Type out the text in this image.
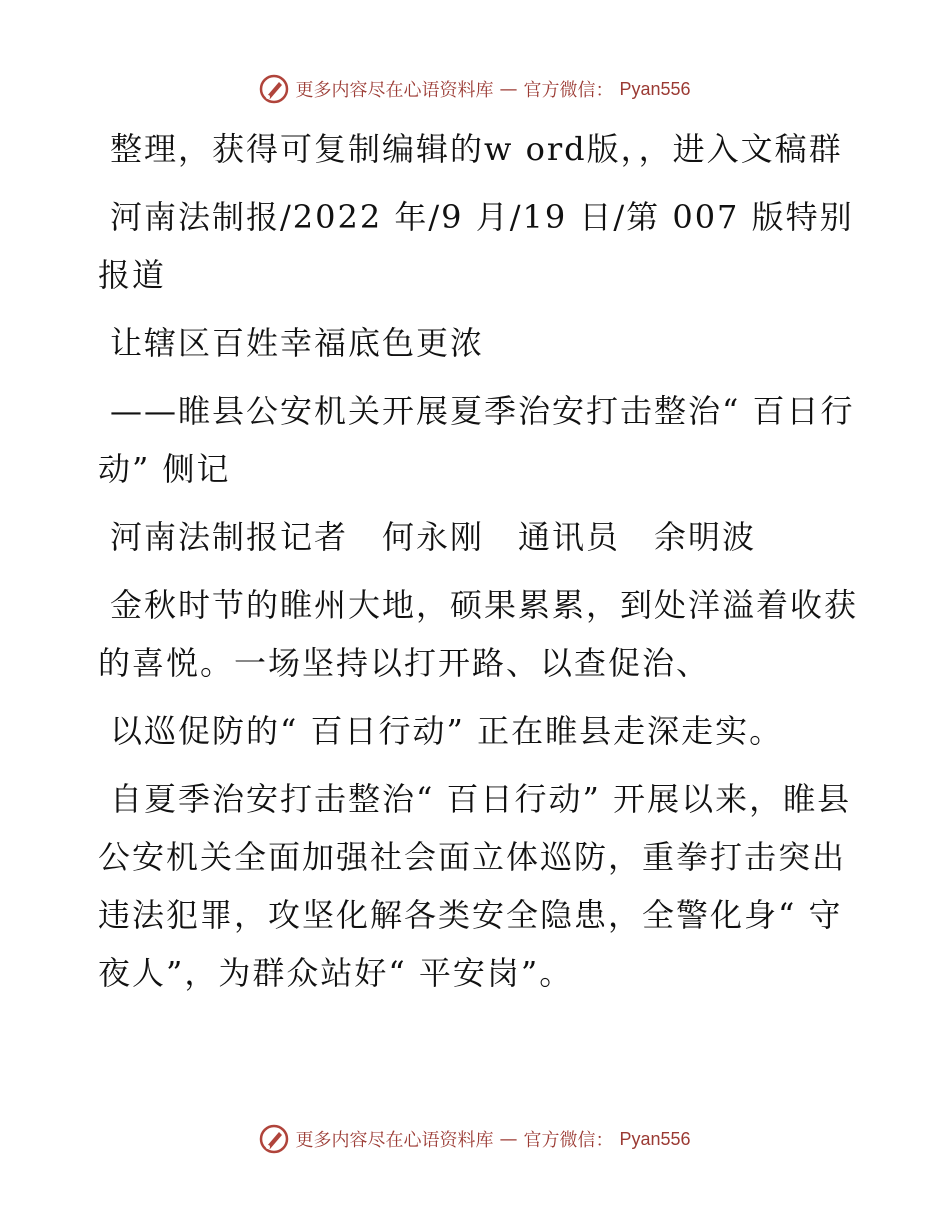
更多内容尽在心语资料库 — 官方微信： Pyan556

整理，获得可复制编辑的w ord版，，进入文稿群

河南法制报/2022 年/9 月/19 日/第 007 版特别报道

让辖区百姓幸福底色更浓

——睢县公安机关开展夏季治安打击整治“ 百日行动” 侧记

河南法制报记者　何永刚　通讯员　余明波

金秋时节的睢州大地，硕果累累，到处洋溢着收获的喜悦。一场坚持以打开路、以查促治、

以巡促防的“ 百日行动” 正在睢县走深走实。

自夏季治安打击整治“ 百日行动” 开展以来，睢县公安机关全面加强社会面立体巡防，重拳打击突出违法犯罪，攻坚化解各类安全隐患，全警化身“ 守夜人”，为群众站好“ 平安岗”。

更多内容尽在心语资料库 — 官方微信： Pyan556
